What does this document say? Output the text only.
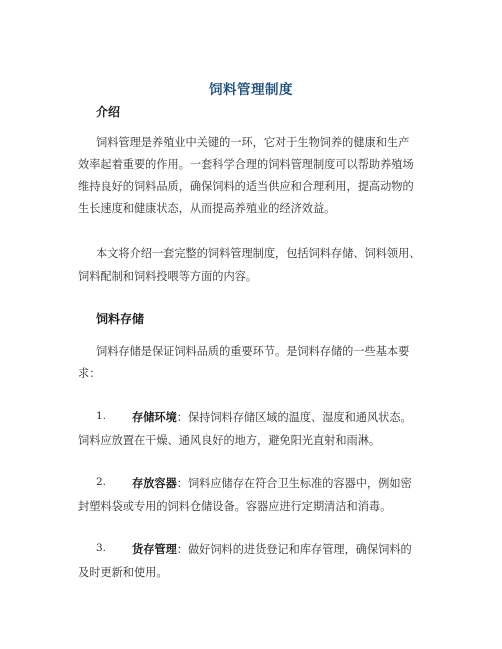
饲料管理制度
介绍
饲料管理是养殖业中关键的一环，它对于生物饲养的健康和生产
效率起着重要的作用。一套科学合理的饲料管理制度可以帮助养殖场
维持良好的饲料品质，确保饲料的适当供应和合理利用，提高动物的
生长速度和健康状态，从而提高养殖业的经济效益。
本文将介绍一套完整的饲料管理制度，包括饲料存储、饲料领用、
饲料配制和饲料投喂等方面的内容。
饲料存储
饲料存储是保证饲料品质的重要环节。是饲料存储的一些基本要
求：
1. 存储环境：保持饲料存储区域的温度、湿度和通风状态。
饲料应放置在干燥、通风良好的地方，避免阳光直射和雨淋。
2. 存放容器：饲料应储存在符合卫生标准的容器中，例如密
封塑料袋或专用的饲料仓储设备。容器应进行定期清洁和消毒。
3. 货存管理：做好饲料的进货登记和库存管理，确保饲料的
及时更新和使用。
